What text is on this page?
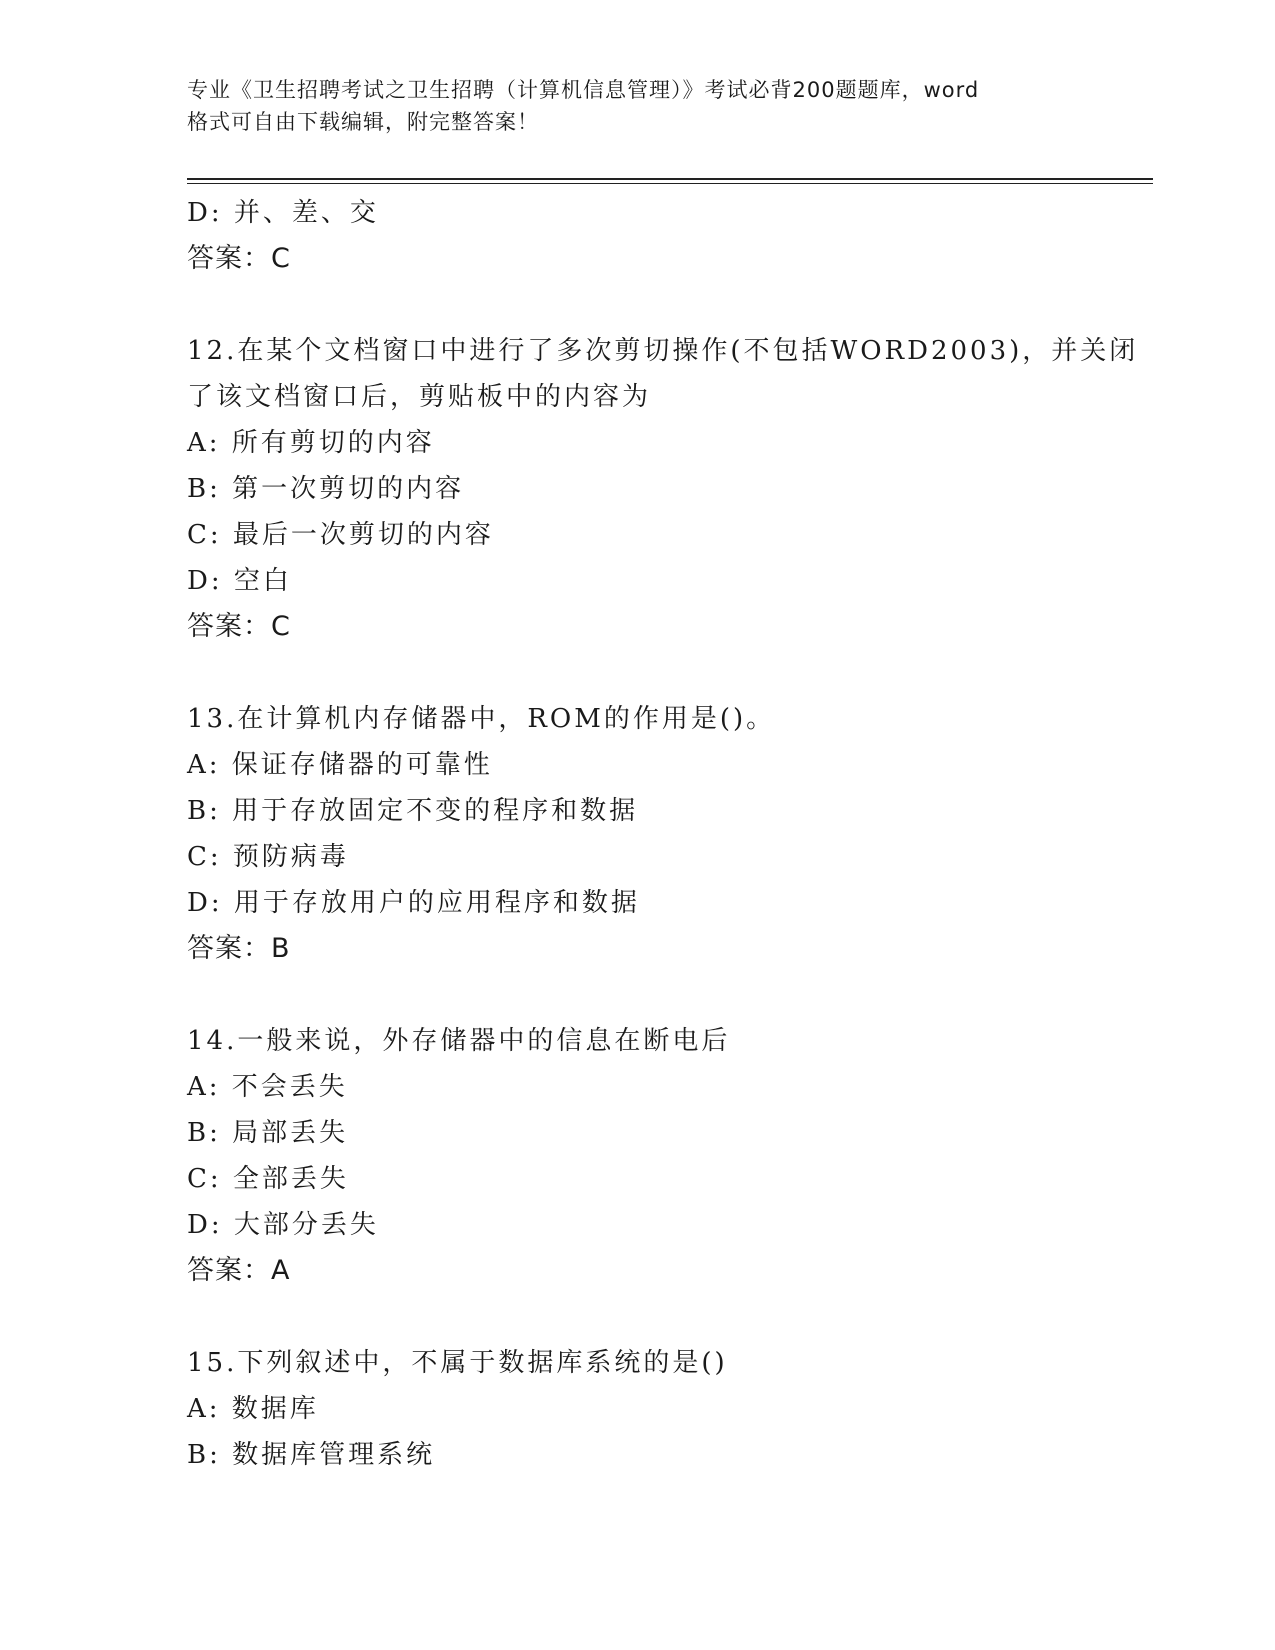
专业《卫生招聘考试之卫生招聘（计算机信息管理）》考试必背200题题库，word
格式可自由下载编辑，附完整答案！
D: 并、差、交
答案：C
12.在某个文档窗口中进行了多次剪切操作(不包括WORD2003)，并关闭
了该文档窗口后，剪贴板中的内容为
A: 所有剪切的内容
B: 第一次剪切的内容
C: 最后一次剪切的内容
D: 空白
答案：C
13.在计算机内存储器中，ROM的作用是()。
A: 保证存储器的可靠性
B: 用于存放固定不变的程序和数据
C: 预防病毒
D: 用于存放用户的应用程序和数据
答案：B
14.一般来说，外存储器中的信息在断电后
A: 不会丢失
B: 局部丢失
C: 全部丢失
D: 大部分丢失
答案：A
15.下列叙述中，不属于数据库系统的是()
A: 数据库
B: 数据库管理系统
